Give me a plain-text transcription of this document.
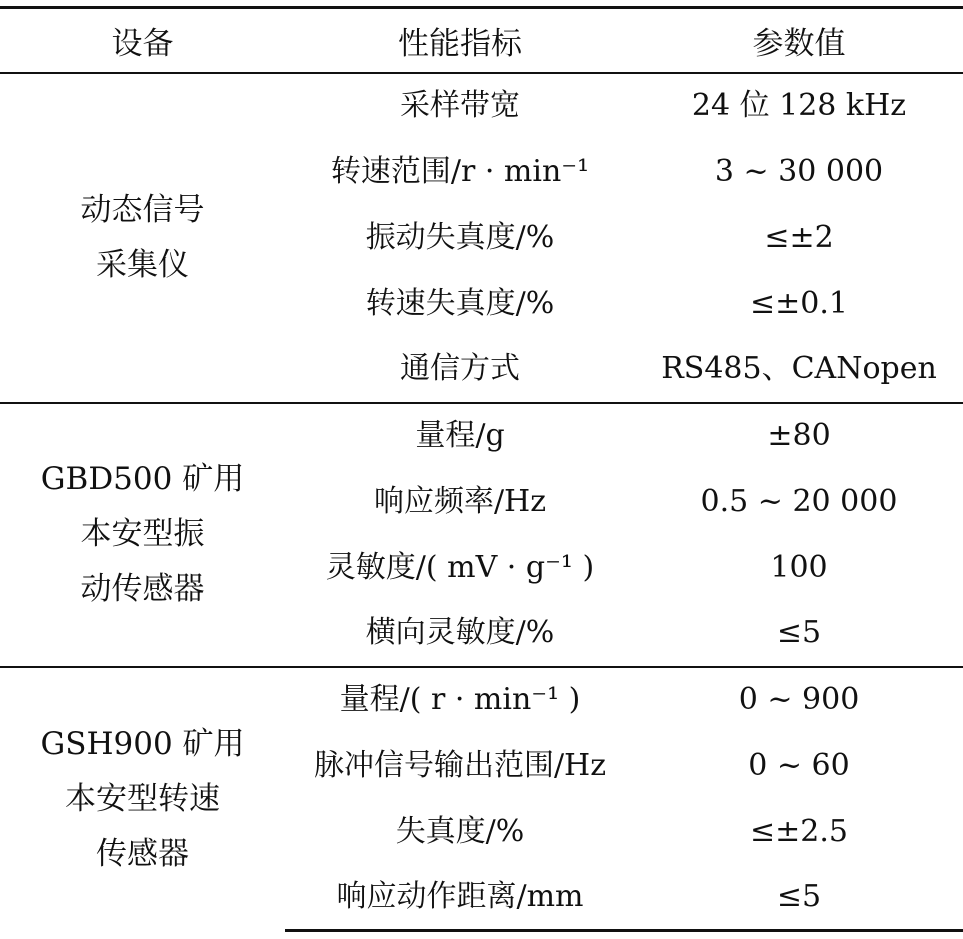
设备	性能指标	参数值

动态信号
采集仪	采样带宽	24 位 128 kHz
	转速范围/r · min⁻¹	3 ~ 30 000
	振动失真度/%	≤±2
	转速失真度/%	≤±0.1
	通信方式	RS485、CANopen

GBD500 矿用
本安型振
动传感器	量程/g	±80
	响应频率/Hz	0.5 ~ 20 000
	灵敏度/( mV · g⁻¹ )	100
	横向灵敏度/%	≤5

GSH900 矿用
本安型转速
传感器	量程/( r · min⁻¹ )	0 ~ 900
	脉冲信号输出范围/Hz	0 ~ 60
	失真度/%	≤±2.5
	响应动作距离/mm	≤5
